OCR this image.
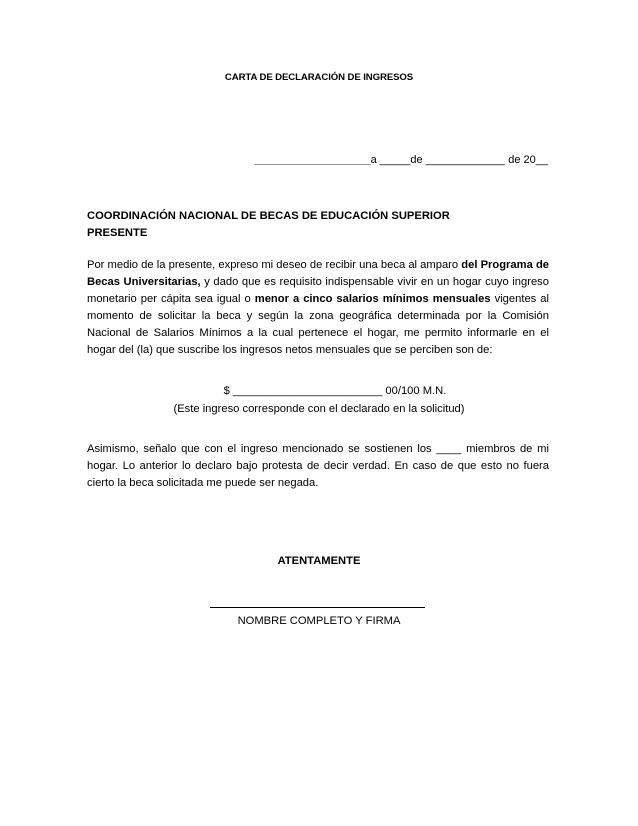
CARTA DE DECLARACIÓN DE INGRESOS
___________________a _____de _____________ de 20__
COORDINACIÓN NACIONAL DE BECAS DE EDUCACIÓN SUPERIOR
PRESENTE
Por medio de la presente, expreso mi deseo de recibir una beca al amparo del Programa de Becas Universitarias, y dado que es requisito indispensable vivir en un hogar cuyo ingreso monetario per cápita sea igual o menor a cinco salarios mínimos mensuales vigentes al momento de solicitar la beca y según la zona geográfica determinada por la Comisión Nacional de Salarios Mínimos a la cual pertenece el hogar, me permito informarle en el hogar del (la) que suscribe los ingresos netos mensuales que se perciben son de:
$ ________________________ 00/100 M.N.
(Este ingreso corresponde con el declarado en la solicitud)
Asimismo, señalo que con el ingreso mencionado se sostienen los ____ miembros de mi hogar. Lo anterior lo declaro bajo protesta de decir verdad. En caso de que esto no fuera cierto la beca solicitada me puede ser negada.
ATENTAMENTE
NOMBRE COMPLETO Y FIRMA
